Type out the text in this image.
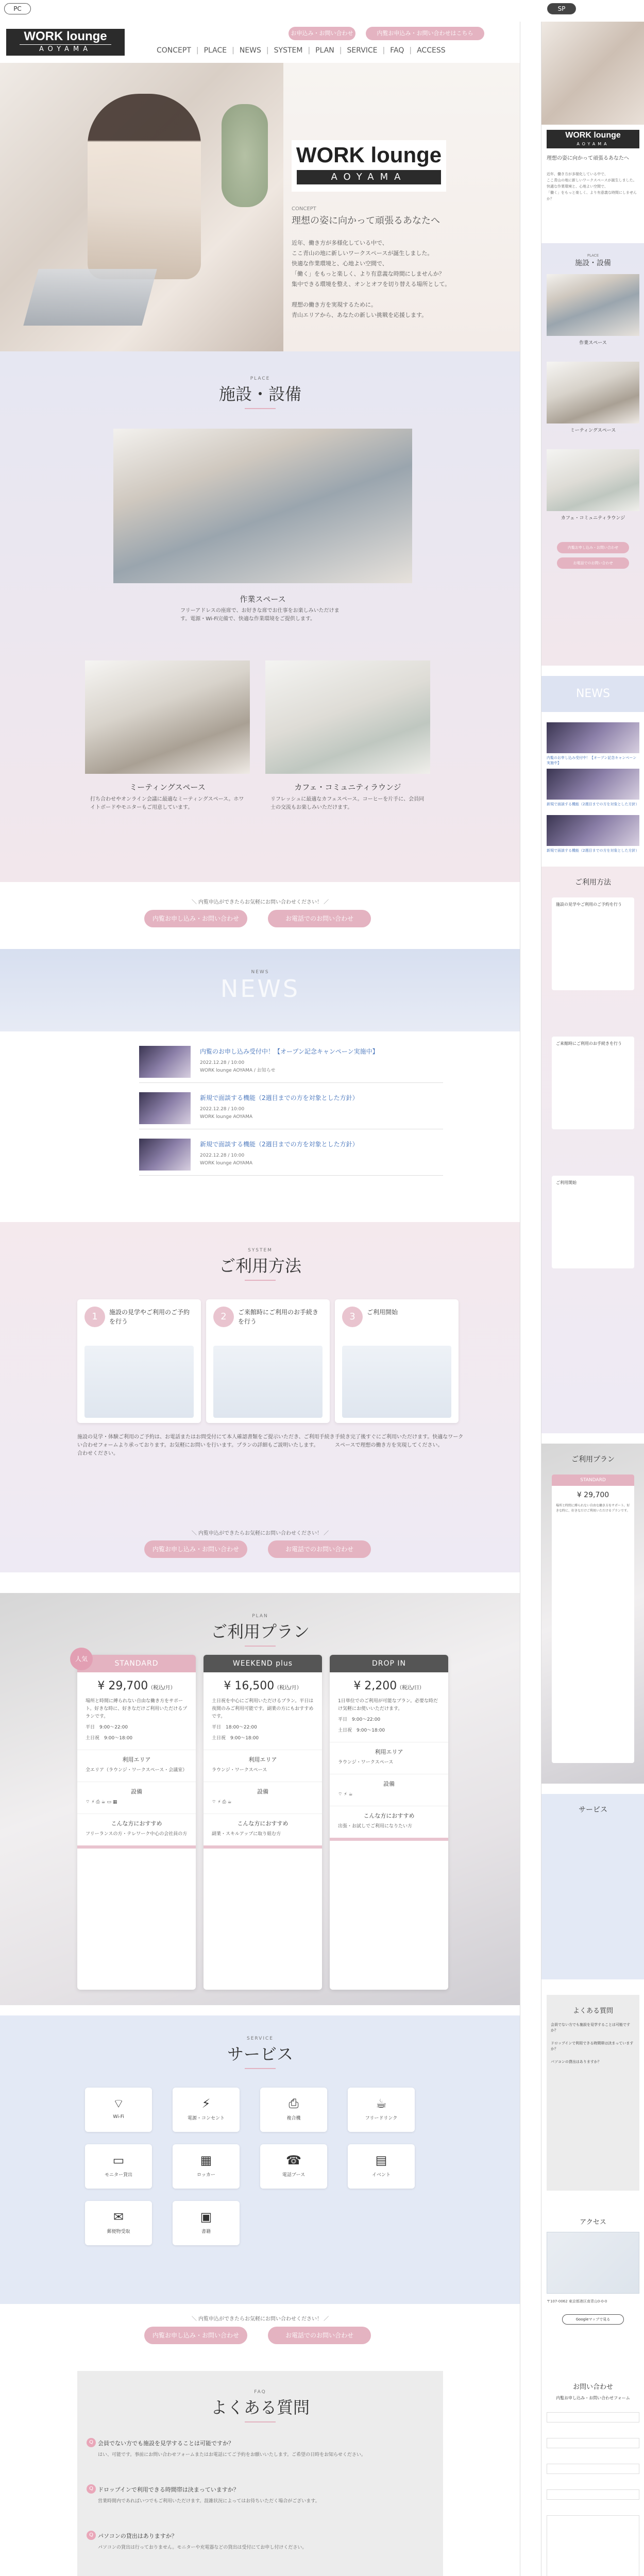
PC	SP
WORK lounge
AOYAMA
お申込み・お問い合わせ	内覧お申込み・お問い合わせはこちら
CONCEPT | PLACE | NEWS | SYSTEM | PLAN | SERVICE | FAQ | ACCESS
WORK lounge
AOYAMA
CONCEPT
理想の姿に向かって頑張るあなたへ
近年、働き方が多様化している中で、
ここ青山の地に新しいワークスペースが誕生しました。
快適な作業環境と、心地よい空間で、
「働く」をもっと楽しく、より有意義な時間にしませんか？
集中できる環境を整え、オンとオフを切り替える場所として。
理想の働き方を実現するために。
青山エリアから、あなたの新しい挑戦を応援します。
PLACE
施設・設備
作業スペース
フリーアドレスの座席で、お好きな席でお仕事をお楽しみいただけます。電源・Wi-Fi完備で、快適な作業環境をご提供します。
ミーティングスペース	カフェ・コミュニティラウンジ
打ち合わせやオンライン会議に最適なミーティングスペース。ホワイトボードやモニターもご用意しています。
リフレッシュに最適なカフェスペース。コーヒーを片手に、会員同士の交流もお楽しみいただけます。
＼ 内覧申込ができたらお気軽にお問い合わせください！ ／
内覧お申し込み・お問い合わせ	お電話でのお問い合わせ
NEWS
NEWS
内覧のお申し込み受付中！【オープン記念キャンペーン実施中】
2022.12.28 / 10:00
WORK lounge AOYAMA / お知らせ
新規で面談する機能（2週目までの方を対象とした方針）
2022.12.28 / 10:00
WORK lounge AOYAMA
新規で面談する機能（2週目までの方を対象とした方針）
2022.12.28 / 10:00
WORK lounge AOYAMA
SYSTEM
ご利用方法
1	施設の見学やご利用のご予約を行う	2	ご来館時にご利用のお手続きを行う	3	ご利用開始
施設の見学・体験ご利用のご予約は、お電話またはお問い合わせフォームより承っております。お気軽にお問い合わせください。
受付にて本人確認書類をご提示いただき、ご利用手続きを行います。プランの詳細もご説明いたします。
手続き完了後すぐにご利用いただけます。快適なワークスペースで理想の働き方を実現してください。
＼ 内覧申込ができたらお気軽にお問い合わせください！ ／
内覧お申し込み・お問い合わせ	お電話でのお問い合わせ
PLAN
ご利用プラン
人気
STANDARD
¥ 29,700（税込/月）
場所と時間に縛られない自由な働き方をサポート。好きな時に、好きなだけご利用いただけるプランです。
平日　9:00〜22:00
土日祝　9:00〜18:00
利用エリア
全エリア（ラウンジ・ワークスペース・会議室）
設備
⌔ ⚡ ⎙ ☕ ▭ ▦
こんな方におすすめ
フリーランスの方・テレワーク中心の会社員の方
WEEKEND plus
¥ 16,500（税込/月）
土日祝を中心にご利用いただけるプラン。平日は夜間のみご利用可能です。副業の方にもおすすめです。
平日　18:00〜22:00
土日祝　9:00〜18:00
利用エリア
ラウンジ・ワークスペース
設備
⌔ ⚡ ⎙ ☕
こんな方におすすめ
副業・スキルアップに取り組む方
DROP IN
¥ 2,200（税込/日）
1日単位でのご利用が可能なプラン。必要な時だけ気軽にお使いいただけます。
平日　9:00〜22:00
土日祝　9:00〜18:00
利用エリア
ラウンジ・ワークスペース
設備
⌔ ⚡ ☕
こんな方におすすめ
出張・お試しでご利用になりたい方
SERVICE
サービス
⌔
Wi-Fi
⚡
電源・コンセント
⎙
複合機
☕
フリードリンク
▭
モニター貸出
▦
ロッカー
☎
電話ブース
▤
イベント
✉
郵便物受取
▣
書籍
＼ 内覧申込ができたらお気軽にお問い合わせください！ ／
内覧お申し込み・お問い合わせ	お電話でのお問い合わせ
FAQ
よくある質問
Q 会員でない方でも施設を見学することは可能ですか？
はい、可能です。事前にお問い合わせフォームまたはお電話にてご予約をお願いいたします。ご希望の日時をお知らせください。
Q ドロップインで利用できる時間帯は決まっていますか？
営業時間内であればいつでもご利用いただけます。混雑状況によってはお待ちいただく場合がございます。
Q パソコンの貸出はありますか？
パソコンの貸出は行っておりません。モニターや充電器などの貸出は受付にてお申し付けください。
WORK lounge
AOYAMA
理想の姿に向かって頑張るあなたへ
近年、働き方が多様化している中で、
ここ青山の地に新しいワークスペースが誕生しました。
快適な作業環境と、心地よい空間で、
「働く」をもっと楽しく、より有意義な時間にしませんか？
PLACE
施設・設備
作業スペース
ミーティングスペース
カフェ・コミュニティラウンジ
内覧お申し込み・お問い合わせ
お電話でのお問い合わせ
NEWS
内覧のお申し込み受付中！【オープン記念キャンペーン実施中】
新規で面談する機能（2週目までの方を対象とした方針）
新規で面談する機能（2週目までの方を対象とした方針）
ご利用方法
施設の見学やご利用のご予約を行う
ご来館時にご利用のお手続きを行う
ご利用開始
ご利用プラン
STANDARD
¥ 29,700
場所と時間に縛られない自由な働き方をサポート。好きな時に、好きなだけご利用いただけるプランです。
サービス
よくある質問
会員でない方でも施設を見学することは可能ですか？
ドロップインで利用できる時間帯は決まっていますか？
パソコンの貸出はありますか？
アクセス
〒107-0062 東京都港区南青山0-0-0
Googleマップで見る
お問い合わせ
内覧お申し込み・お問い合わせフォーム
